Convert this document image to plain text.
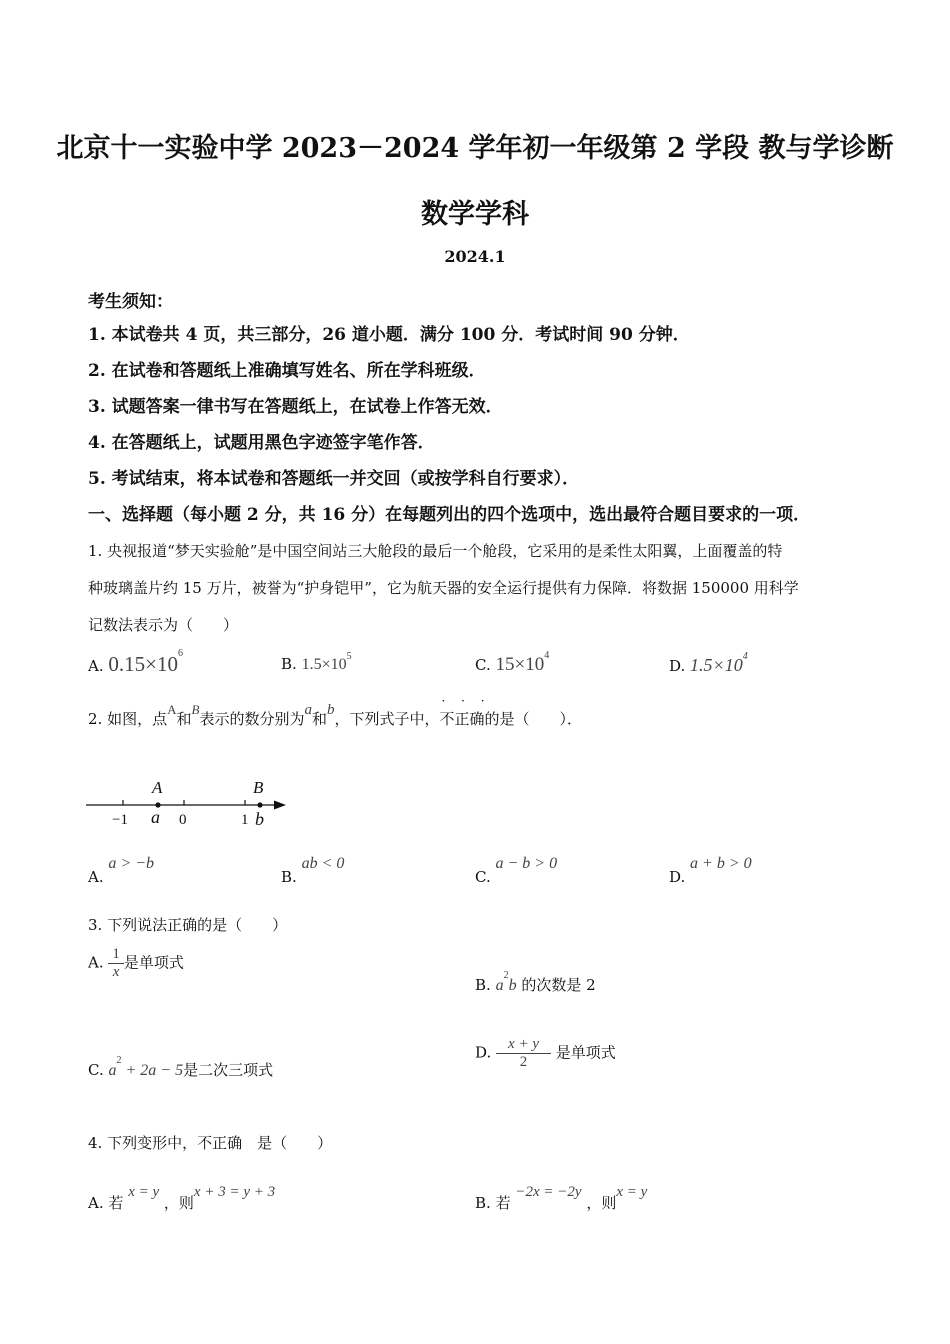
北京十一实验中学 2023－2024 学年初一年级第 2 学段 教与学诊断
数学学科
2024.1
考生须知：
1. 本试卷共 4 页，共三部分，26 道小题．满分 100 分．考试时间 90 分钟．
2. 在试卷和答题纸上准确填写姓名、所在学科班级．
3. 试题答案一律书写在答题纸上，在试卷上作答无效．
4. 在答题纸上，试题用黑色字迹签字笔作答．
5. 考试结束，将本试卷和答题纸一并交回（或按学科自行要求）．
一、选择题（每小题 2 分，共 16 分）在每题列出的四个选项中，选出最符合题目要求的一项．
1. 央视报道“梦天实验舱”是中国空间站三大舱段的最后一个舱段，它采用的是柔性太阳翼，上面覆盖的特
种玻璃盖片约 15 万片，被誉为“护身铠甲”，它为航天器的安全运行提供有力保障．将数据 150000 用科学
记数法表示为（　　）
A. $0.15\times 10^6$
B. $1.5\times 10^5$	C. $15\times 10^4$
D. $1.5\times 10^4$
2. 如图，点A和B表示的数分别为a和b，下列式子中，
· · ·
不正确的是（　　）．
A	B
−1 a 0	1 b
A. a > −b
B. ab < 0
C. a − b > 0
D. a + b > 0
3. 下列说法正确的是（　　）
A. $\frac{1}{x}$ 是单项式
B. $a^2b$ 的次数是 2
C. $a^2 + 2a - 5$是二次三项式
D. $\frac{x + y}{2}$ 是单项式
4. 下列变形中，不正确　是（　　）
A. 若 x = y ，则x + 3 = y + 3
B. 若 −2x = −2y ，则x = y
